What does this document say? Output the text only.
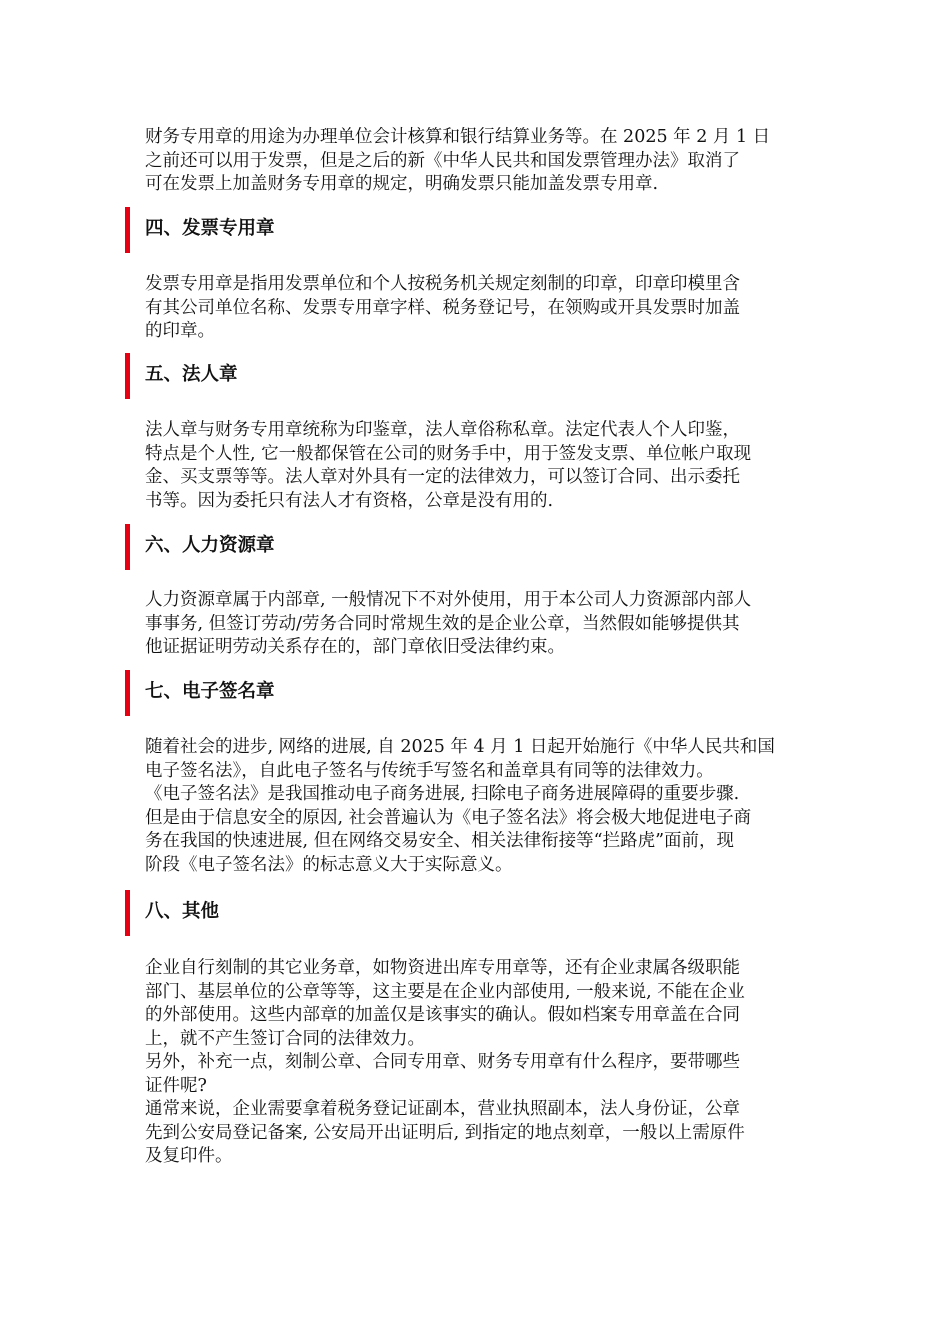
财务专用章的用途为办理单位会计核算和银行结算业务等。在 2025 年 2 月 1 日
之前还可以用于发票，但是之后的新《中华人民共和国发票管理办法》取消了
可在发票上加盖财务专用章的规定，明确发票只能加盖发票专用章.
四、发票专用章
发票专用章是指用发票单位和个人按税务机关规定刻制的印章，印章印模里含
有其公司单位名称、发票专用章字样、税务登记号，在领购或开具发票时加盖
的印章。
五、法人章
法人章与财务专用章统称为印鉴章，法人章俗称私章。法定代表人个人印鉴，
特点是个人性, 它一般都保管在公司的财务手中，用于签发支票、单位帐户取现
金、买支票等等。法人章对外具有一定的法律效力，可以签订合同、出示委托
书等。因为委托只有法人才有资格，公章是没有用的.
六、人力资源章
人力资源章属于内部章, 一般情况下不对外使用，用于本公司人力资源部内部人
事事务, 但签订劳动/劳务合同时常规生效的是企业公章，当然假如能够提供其
他证据证明劳动关系存在的，部门章依旧受法律约束。
七、电子签名章
随着社会的进步, 网络的进展, 自 2025 年 4 月 1 日起开始施行《中华人民共和国
电子签名法》，自此电子签名与传统手写签名和盖章具有同等的法律效力。
《电子签名法》是我国推动电子商务进展, 扫除电子商务进展障碍的重要步骤.
但是由于信息安全的原因, 社会普遍认为《电子签名法》将会极大地促进电子商
务在我国的快速进展, 但在网络交易安全、相关法律衔接等“拦路虎”面前，现
阶段《电子签名法》的标志意义大于实际意义。
八、其他
企业自行刻制的其它业务章，如物资进出库专用章等，还有企业隶属各级职能
部门、基层单位的公章等等，这主要是在企业内部使用, 一般来说, 不能在企业
的外部使用。这些内部章的加盖仅是该事实的确认。假如档案专用章盖在合同
上，就不产生签订合同的法律效力。
另外，补充一点，刻制公章、合同专用章、财务专用章有什么程序，要带哪些
证件呢?
通常来说，企业需要拿着税务登记证副本，营业执照副本，法人身份证，公章
先到公安局登记备案, 公安局开出证明后, 到指定的地点刻章，一般以上需原件
及复印件。
